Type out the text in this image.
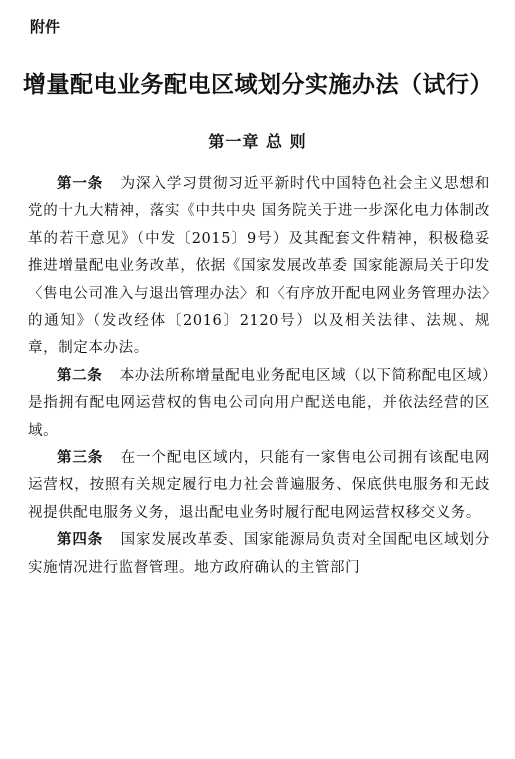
附件
增量配电业务配电区域划分实施办法（试行）
第一章 总 则

第一条 为深入学习贯彻习近平新时代中国特色社会主义思想和党的十九大精神，落实《中共中央 国务院关于进一步深化电力体制改革的若干意见》（中发〔2015〕9号）及其配套文件精神，积极稳妥推进增量配电业务改革，依据《国家发展改革委 国家能源局关于印发〈售电公司准入与退出管理办法〉和〈有序放开配电网业务管理办法〉的通知》（发改经体〔2016〕2120号）以及相关法律、法规、规章，制定本办法。

第二条 本办法所称增量配电业务配电区域（以下简称配电区域）是指拥有配电网运营权的售电公司向用户配送电能，并依法经营的区域。

第三条 在一个配电区域内，只能有一家售电公司拥有该配电网运营权，按照有关规定履行电力社会普遍服务、保底供电服务和无歧视提供配电服务义务，退出配电业务时履行配电网运营权移交义务。

第四条 国家发展改革委、国家能源局负责对全国配电区域划分实施情况进行监督管理。地方政府确认的主管部门
